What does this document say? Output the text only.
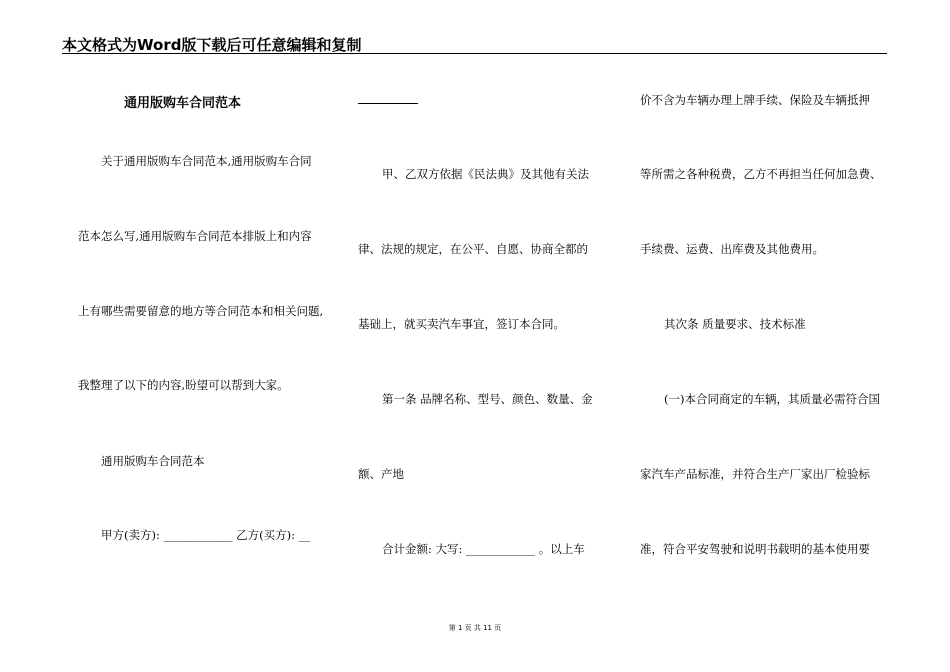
本文格式为Word版下载后可任意编辑和复制
通用版购车合同范本
关于通用版购车合同范本,通用版购车合同
范本怎么写,通用版购车合同范本排版上和内容
上有哪些需要留意的地方等合同范本和相关问题,
我整理了以下的内容,盼望可以帮到大家。
通用版购车合同范本
甲方(卖方): ____________ 乙方(买方): __
甲、乙双方依据《民法典》及其他有关法
律、法规的规定，在公平、自愿、协商全都的
基础上，就买卖汽车事宜，签订本合同。
第一条 品牌名称、型号、颜色、数量、金
额、产地
合计金额: 大写: ____________ 。以上车
价不含为车辆办理上牌手续、保险及车辆抵押
等所需之各种税费，乙方不再担当任何加急费、
手续费、运费、出库费及其他费用。
其次条 质量要求、技术标准
(一)本合同商定的车辆，其质量必需符合国
家汽车产品标准，并符合生产厂家出厂检验标
准，符合平安驾驶和说明书载明的基本使用要
第 1 页 共 11 页
